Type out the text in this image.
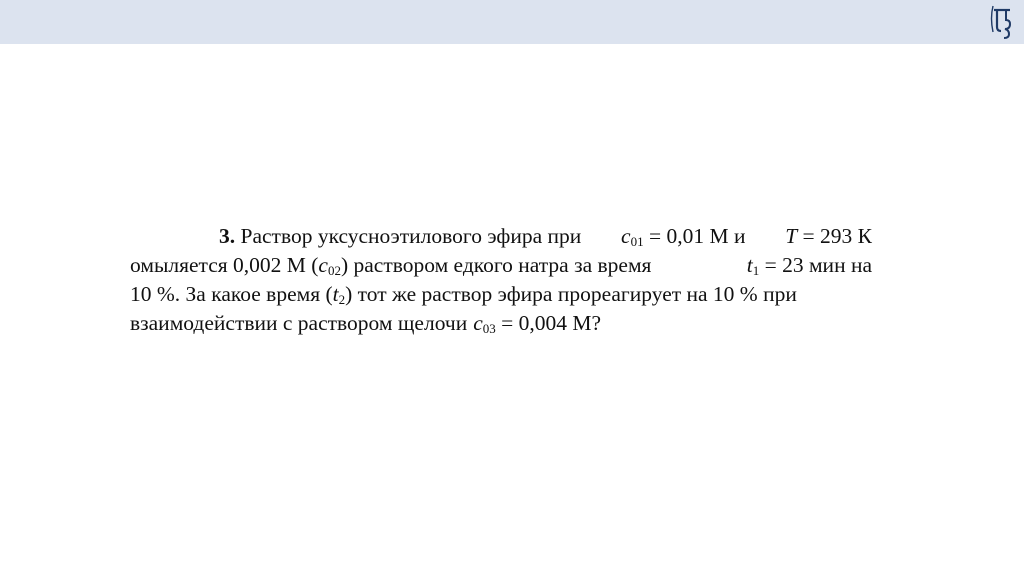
3. Раствор уксусноэтилового эфира при $c_{01} = 0,01$ М и T = 293 К
омыляется 0,002 М $(c_{02})$ раствором едкого натра за время	$t_1 = 23$ мин на
10 %. За какое время $(t_2)$ тот же раствор эфира прореагирует на 10 % при
взаимодействии с раствором щелочи $c_{03} = 0,004$ М?
